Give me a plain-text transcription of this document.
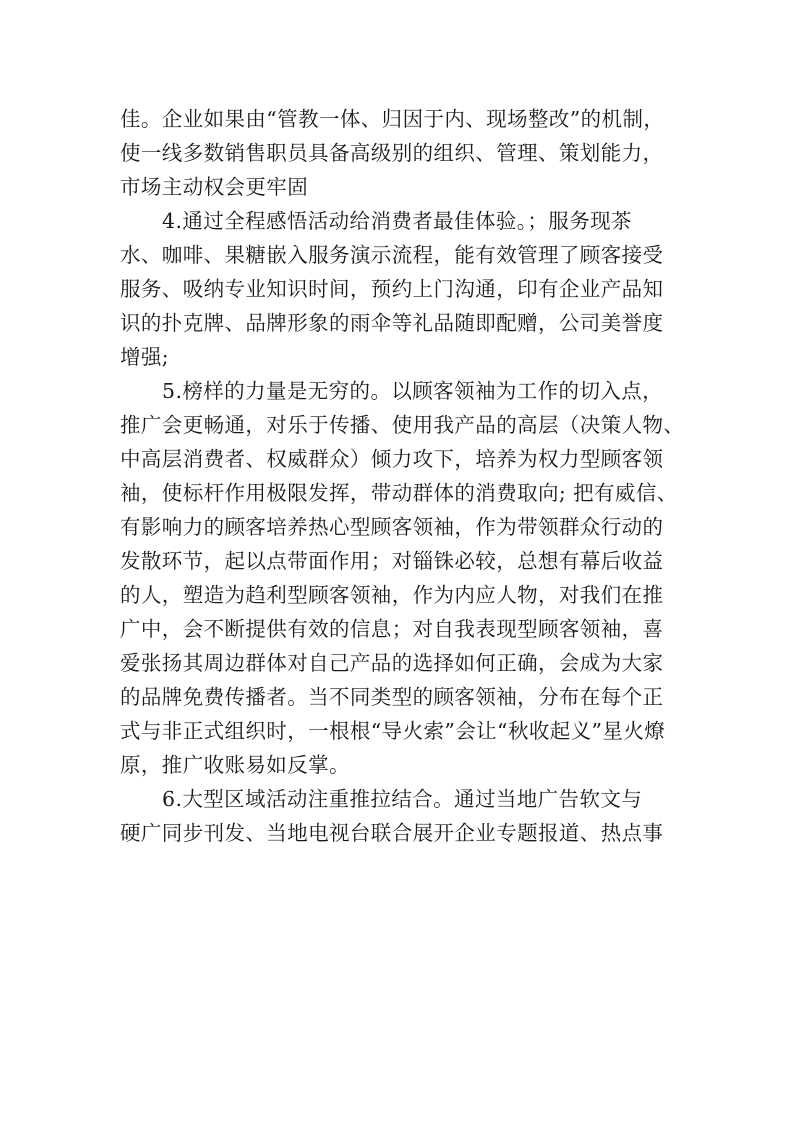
佳。企业如果由“管教一体、归因于内、现场整改”的机制，
使一线多数销售职员具备高级别的组织、管理、策划能力，
市场主动权会更牢固

4.通过全程感悟活动给消费者最佳体验。；服务现茶
水、咖啡、果糖嵌入服务演示流程，能有效管理了顾客接受
服务、吸纳专业知识时间，预约上门沟通，印有企业产品知
识的扑克牌、品牌形象的雨伞等礼品随即配赠，公司美誉度
增强;

5.榜样的力量是无穷的。以顾客领袖为工作的切入点，
推广会更畅通，对乐于传播、使用我产品的高层（决策人物、
中高层消费者、权威群众）倾力攻下，培养为权力型顾客领
袖，使标杆作用极限发挥，带动群体的消费取向; 把有威信、
有影响力的顾客培养热心型顾客领袖，作为带领群众行动的
发散环节，起以点带面作用；对锱铢必较，总想有幕后收益
的人，塑造为趋利型顾客领袖，作为内应人物，对我们在推
广中，会不断提供有效的信息；对自我表现型顾客领袖，喜
爱张扬其周边群体对自己产品的选择如何正确，会成为大家
的品牌免费传播者。当不同类型的顾客领袖，分布在每个正
式与非正式组织时，一根根“导火索”会让“秋收起义”星火燎
原，推广收账易如反掌。

6.大型区域活动注重推拉结合。通过当地广告软文与
硬广同步刊发、当地电视台联合展开企业专题报道、热点事
